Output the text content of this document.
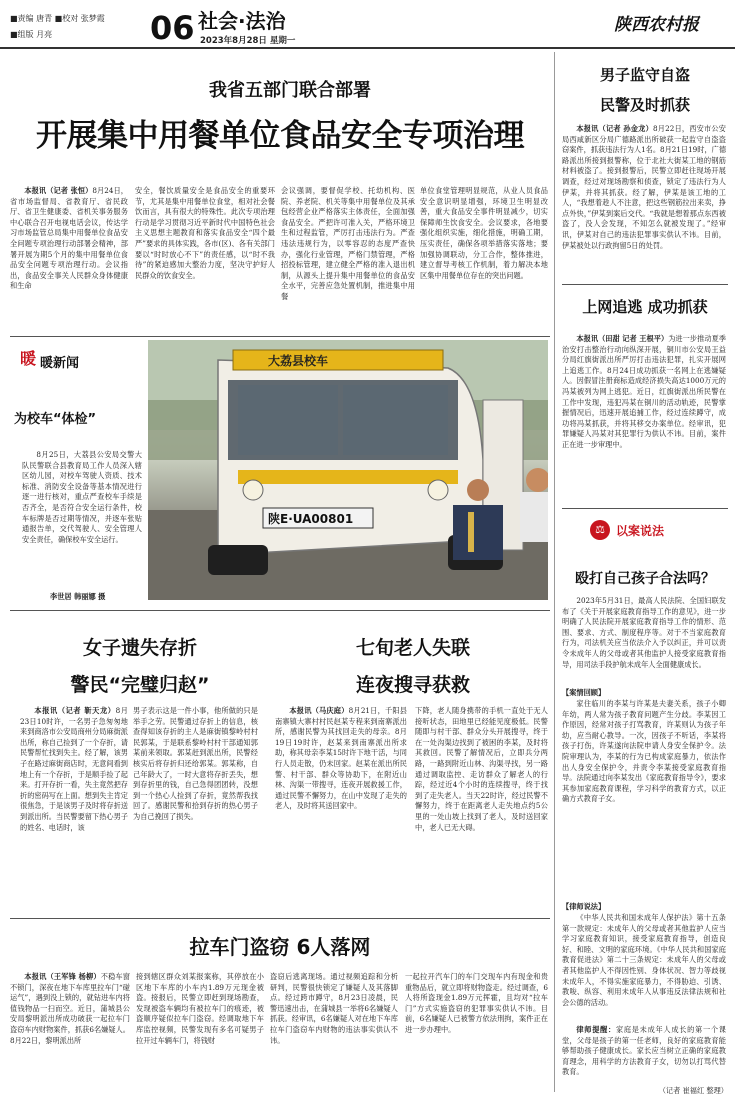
■责编 唐青 ■校对 张梦霞
■组版 月亮	06 社会·法治
2023年8月28日 星期一
陕西农村报
我省五部门联合部署
开展集中用餐单位食品安全专项治理

本报讯（记者 张恒）8月24日，省市场监督局、省教育厅、省民政厅、省卫生健康委、省机关事务服务中心联合召开电视电话会议，传达学习市场监管总局集中用餐单位食品安全问题专项治理行动部署会精神，部署开展为期5个月的集中用餐单位食品安全问题专项治理行动。会议指出，食品安全事关人民群众身体健康和生命

安全，餐饮质量安全是食品安全的重要环节，尤其是集中用餐单位食堂，相对社会餐饮而言，具有很大的特殊性。此次专项治理行动是学习贯彻习近平新时代中国特色社会主义思想主题教育和落实食品安全“四个最严”要求的具体实践，各市(区)、各有关部门要以“时时放心不下”的责任感，以“时不我待”的紧迫感加大整治力度，坚决守护好人民群众的饮食安全。
会议强调，要督促学校、托幼机构、医院、养老院、机关等集中用餐单位及其承包经营企业严格落实主体责任，全面加强食品安全。严把许可准入关，严格环境卫生和过程监管，严厉打击违法行为。严查违法违规行为，以零容忍的态度严查快办，强化行业管理，严格门禁管理，严格招投标管理，建立健全严格的准入退出机制，从源头上提升集中用餐单位的食品安全水平，完善应急处置机制，推进集中用餐
单位食堂管理明显规范，从业人员食品安全意识明显增强，环境卫生明显改善，重大食品安全事件明显减少，切实保障师生饮食安全。会议要求，各地要强化组织实施，细化措施，明确工期，压实责任，确保各项举措落实落地；要加强协调联动，分工合作，整体推进，建立督导考核工作机制，着力解决本地区集中用餐单位存在的突出问题。
暖 暖新闻
为校车“体检”
8月25日，大荔县公安局交警大队民警联合县教育局工作人员深入辖区幼儿园，对校车驾驶人资质、技术标准、消防安全设备等基本情况进行逐一进行核对，重点严查校车手续是否齐全，是否符合安全运行条件，校车标牌是否过期等情况，并逐车张贴通报告单，交代驾驶人、安全管理人安全责任，确保校车安全运行。
李世居 韩丽娜 摄
大荔县校车
陕E·UA00801
女子遗失存折
警民“完璧归赵”

本报讯（记者 靳天龙）8月23日10时许，一名男子急匆匆地来到商洛市公安局商州分局麻街派出所，称自己捡到了一个存折，请民警帮忙找到失主。经了解，该男子在路过麻街商店时，无意间看到地上有一个存折，于是顺手捡了起来。打开存折一看，失主竟然把存折的密码写在上面。想到失主肯定很焦急，于是该男子及时将存折送到派出所。当民警要留下热心男子的姓名、电话时，该

男子表示这是一件小事，他所做的只是举手之劳。民警通过存折上的信息，核查得知该存折的主人是麻街镇黎岭村村民郭某，于是联系黎岭村村干部通知郭某前来领取。郭某赶到派出所，民警经核实后将存折归还给郭某。郭某称，自己年龄大了，一时大意将存折丢失，想到存折里的钱，自己急得团团转，没想到一个热心人捡到了存折，竟然帮我找回了。感谢民警和拾到存折的热心男子为自己挽回了损失。
七旬老人失联
连夜搜寻获救

本报讯（马庆庭）8月21日，千阳县南寨镇大寨村村民赵某专程来到南寨派出所，感谢民警为其找回走失的母亲。8月19日19时许，赵某来到南寨派出所求助，称其母亲李某15时许下地干活，与同行人员走散，仍未回家。赵某在派出所民警、村干部、群众等协助下，在附近山林、沟渠一带搜寻，连夜开展救援工作，通过民警不懈努力，在山中发现了走失的老人，及时将其送回家中。

下降，老人随身携带的手机一直处于无人接听状态，田地里已经能见度极低。民警随即与村干部、群众分头开展搜寻，终于在一处沟渠边找到了被困的李某，及时将其救回。民警了解情况后，立即兵分两路，一路到附近山林、沟渠寻找，另一路通过调取监控、走访群众了解老人的行踪，经过近4个小时的连续搜寻，终于找到了走失老人。当天22时许，经过民警不懈努力，终于在距离老人走失地点约5公里的一处山坡上找到了老人，及时送回家中，老人已无大碍。
拉车门盗窃 6人落网

本报讯（王军锋 杨柳）不稳车窗不锁门，深夜在地下车库里拉车门“碰运气”，遇到没上锁的，就钻进车内将值钱物品一扫而空。近日，蒲城县公安局黎明派出所成功破获一起拉车门盗窃车内财物案件，抓获6名嫌疑人。8月22日，黎明派出所

接到辖区群众刘某报案称，其停放在小区地下车库的小车内1.89万元现金被盗。接报后，民警立即赶到现场勘查，发现被盗车辆均有被拉车门的痕迹，被盗顺序疑似拉车门盗窃。经调取地下车库监控视频，民警发现有多名可疑男子拉开过车辆车门，将钱财
盗窃后逃离现场。通过视频追踪和分析研判，民警很快锁定了嫌疑人及其落脚点。经过跨市蹲守，8月23日凌晨，民警迅速出击，在蒲城县一举将6名嫌疑人抓获。经审讯，6名嫌疑人对在地下车库拉车门盗窃车内财物的违法事实供认不讳。
一起拉开汽车门的车门交现车内有现金和贵重物品后，就立即将财物盗走。经过调查，6人将所盗现金1.89万元挥霍，且均对“拉车门”方式实施盗窃的犯罪事实供认不讳。目前，6名嫌疑人已被警方依法刑拘，案件正在进一步办理中。
男子监守自盗
民警及时抓获

本报讯（记者 孙金龙）8月22日，西安市公安局西咸新区分局广德路派出所破获一起监守自盗盗窃案件，抓获违法行为人1名。8月21日19时，广德路派出所接到报警称，位于北社大街某工地的钢筋材料被盗了。接到报警后，民警立即赶往现场开展调查，经过对现场勘察和侦查，锁定了违法行为人伊某，并将其抓获。经了解，伊某是该工地的工人，“我想着趁人不注意，把这些钢筋拉出来卖，挣点外快，”伊某到案后交代。“我就是想着那点东西被盗了，没人会发现，不知怎么就被发现了。”经审讯，伊某对自己的违法犯罪事实供认不讳。目前，伊某被处以行政拘留5日的处罚。

上网追逃 成功抓获

本报讯（田甜 记者 王根平）为进一步推动夏季治安打击整治行动向纵深开展，铜川市公安局王益分局红旗街派出所严厉打击违法犯罪，扎实开展网上追逃工作。8月24日成功抓获一名网上在逃嫌疑人。因假冒注册商标造成经济损失高达1000万元的冯某被列为网上逃犯。近日，红旗街派出所民警在工作中发现，违犯冯某在铜川的活动轨迹，民警掌握情况后，迅速开展追捕工作，经过连续蹲守，成功将冯某抓获，并将其移交办案单位。经审讯，犯罪嫌疑人冯某对其犯罪行为供认不讳。目前，案件正在进一步审理中。

⚖ 以案说法
殴打自己孩子合法吗？
2023年5月31日，最高人民法院、全国妇联发布了《关于开展家庭教育指导工作的意见》，进一步明确了人民法院开展家庭教育指导工作的情形、范围、要求、方式、制度程序等。对于不当家庭教育行为，司法机关应当依法介入予以纠正，并可以责令未成年人的父母或者其他监护人接受家庭教育指导，用司法手段护航未成年人全面健康成长。
【案情回顾】
家住临川的李某与许某是夫妻关系，孩子小卿年幼，两人常为孩子教育问题产生分歧。李某因工作原因，经常对孩子打骂教育，许某则认为孩子年幼，应当耐心教导。一次，因孩子不听话，李某将孩子打伤，许某遂向法院申请人身安全保护令。法院审理认为，李某的行为已构成家庭暴力，依法作出人身安全保护令，并责令李某接受家庭教育指导。法院通过向李某发出《家庭教育指导令》，要求其参加家庭教育课程，学习科学的教育方式，以正确方式教育子女。
【律师说法】
《中华人民共和国未成年人保护法》第十五条第一款规定：未成年人的父母或者其他监护人应当学习家庭教育知识，接受家庭教育指导，创造良好、和睦、文明的家庭环境。《中华人民共和国家庭教育促进法》第二十三条规定：未成年人的父母或者其他监护人不得因性别、身体状况、智力等歧视未成年人，不得实施家庭暴力，不得胁迫、引诱、教唆、纵容、利用未成年人从事违反法律法规和社会公德的活动。

律师提醒：家庭是未成年人成长的第一个课堂，父母是孩子的第一任老师，良好的家庭教育能够帮助孩子健康成长。家长应当树立正确的家庭教育理念，用科学的方法教育子女，切勿以打骂代替教育。

（记者 崔福红 整理）
